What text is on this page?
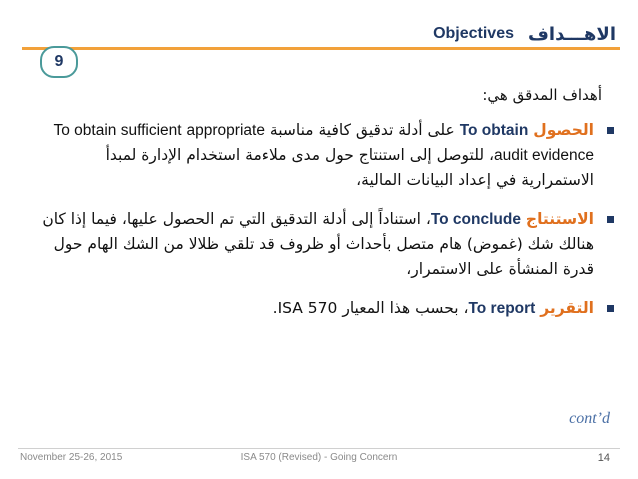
الاهـــداف
Objectives
9
أهداف المدقق هي:
الحصول To obtain على أدلة تدقيق كافية مناسبة To obtain sufficient appropriate audit evidence، للتوصل إلى استنتاج حول مدى ملاءمة استخدام الإدارة لمبدأ الاستمرارية في إعداد البيانات المالية،
الاستنتاج To conclude، استناداً إلى أدلة التدقيق التي تم الحصول عليها، فيما إذا كان هنالك شك (غموض) هام متصل بأحداث أو ظروف قد تلقي ظلالا من الشك الهام حول قدرة المنشأة على الاستمرار،
التقرير To report، بحسب هذا المعيار ISA 570.
cont’d
November 25-26, 2015	ISA 570 (Revised) - Going Concern	14
